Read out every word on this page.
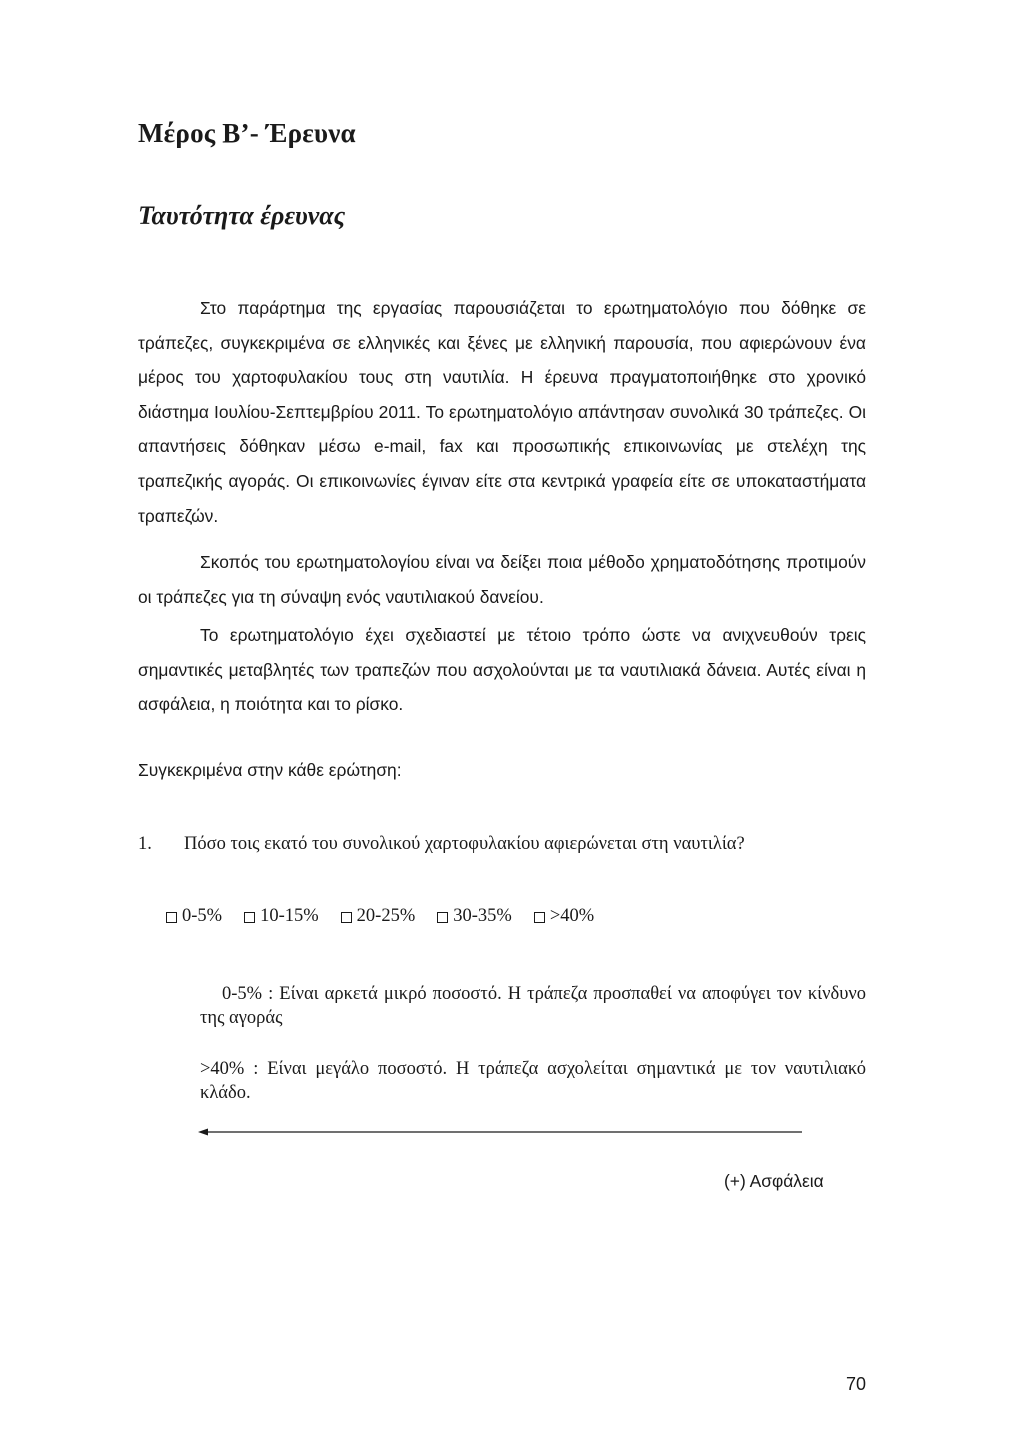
Μέρος Β’- Έρευνα
Ταυτότητα έρευνας
Στο παράρτημα της εργασίας παρουσιάζεται το ερωτηματολόγιο που δόθηκε σε τράπεζες, συγκεκριμένα σε ελληνικές και ξένες με ελληνική παρουσία, που αφιερώνουν ένα μέρος του χαρτοφυλακίου τους στη ναυτιλία. Η έρευνα πραγματοποιήθηκε στο χρονικό διάστημα Ιουλίου-Σεπτεμβρίου 2011. Το ερωτηματολόγιο απάντησαν συνολικά 30 τράπεζες. Οι απαντήσεις δόθηκαν μέσω e-mail, fax και προσωπικής επικοινωνίας με στελέχη της τραπεζικής αγοράς. Οι επικοινωνίες έγιναν είτε στα κεντρικά γραφεία είτε σε υποκαταστήματα τραπεζών.
Σκοπός του ερωτηματολογίου είναι να δείξει ποια μέθοδο χρηματοδότησης προτιμούν οι τράπεζες για τη σύναψη ενός ναυτιλιακού δανείου.
Το ερωτηματολόγιο έχει σχεδιαστεί με τέτοιο τρόπο ώστε να ανιχνευθούν τρεις σημαντικές μεταβλητές των τραπεζών που ασχολούνται με τα ναυτιλιακά δάνεια. Αυτές είναι η ασφάλεια, η ποιότητα και το ρίσκο.
Συγκεκριμένα στην κάθε ερώτηση:
1. Πόσο τοις εκατό του συνολικού χαρτοφυλακίου αφιερώνεται στη ναυτιλία?
0-5% 10-15% 20-25% 30-35% >40%
0-5% : Είναι αρκετά μικρό ποσοστό. Η τράπεζα προσπαθεί να αποφύγει τον κίνδυνο της αγοράς
>40% : Είναι μεγάλο ποσοστό. Η τράπεζα ασχολείται σημαντικά με τον ναυτιλιακό κλάδο.
(+) Ασφάλεια
70
